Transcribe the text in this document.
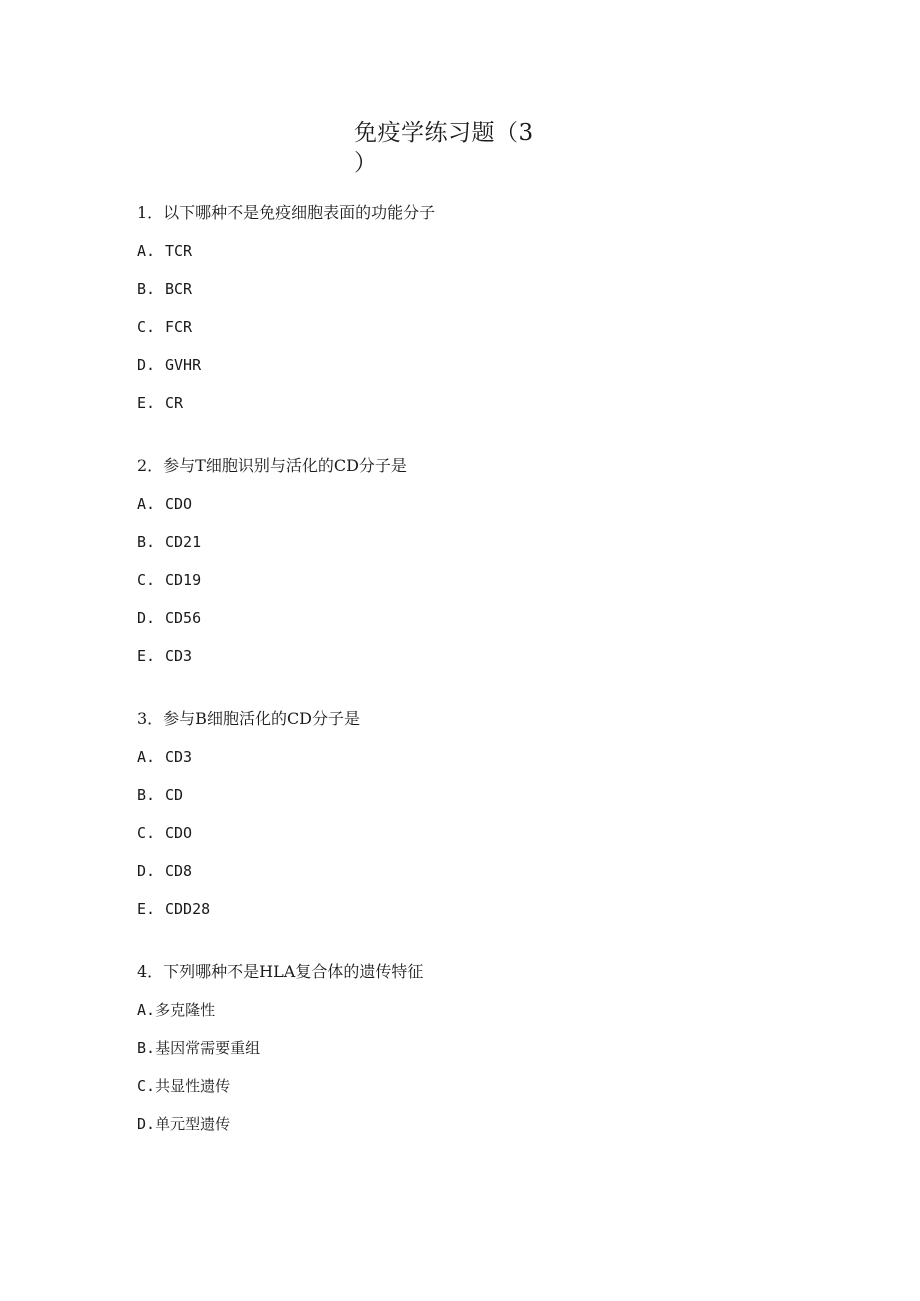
免疫学练习题（3
）

1．以下哪种不是免疫细胞表面的功能分子

A. TCR

B. BCR

C. FCR

D. GVHR

E. CR

2．参与T细胞识别与活化的CD分子是

A. CDO

B. CD21

C. CD19

D. CD56

E. CD3

3．参与B细胞活化的CD分子是

A. CD3

B. CD

C. CDO

D. CD8

E. CDD28

4．下列哪种不是HLA复合体的遗传特征

A.多克隆性

B.基因常需要重组

C.共显性遗传

D.单元型遗传
